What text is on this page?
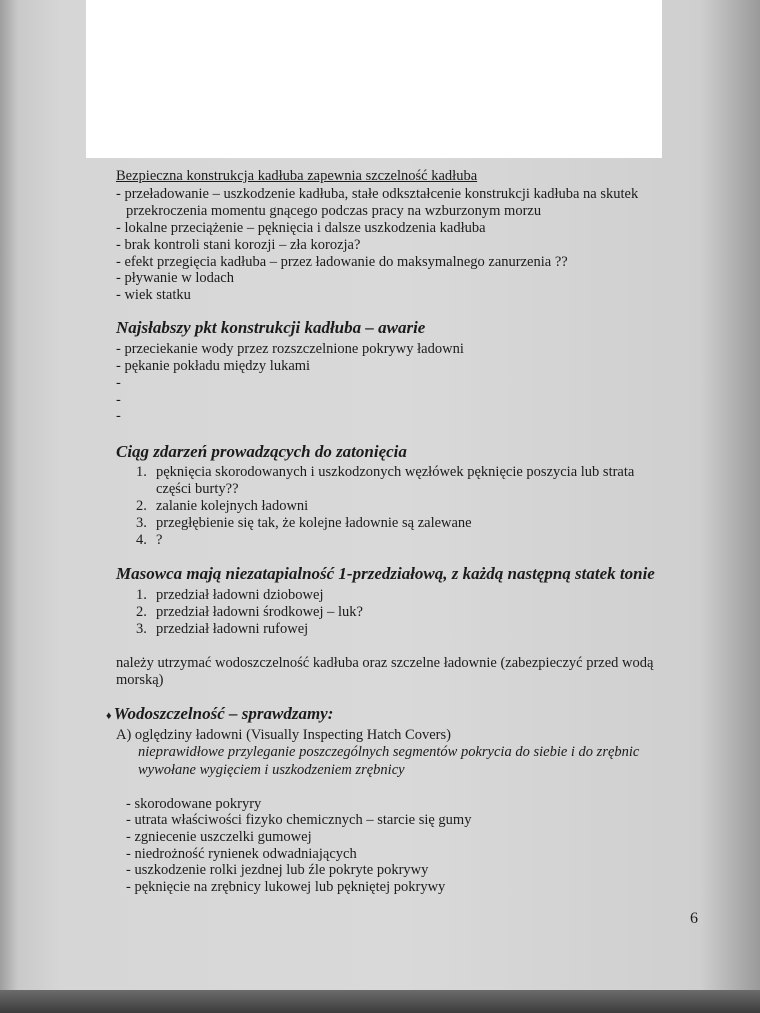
Bezpieczna konstrukcja kadłuba zapewnia szczelność kadłuba
- przeładowanie – uszkodzenie kadłuba, stałe odkształcenie konstrukcji kadłuba na skutek
przekroczenia momentu gnącego podczas pracy na wzburzonym morzu
- lokalne przeciążenie – pęknięcia i dalsze uszkodzenia kadłuba
- brak kontroli stani korozji – zła korozja?
- efekt przegięcia kadłuba – przez ładowanie do maksymalnego zanurzenia ??
- pływanie w lodach
- wiek statku
Najsłabszy pkt konstrukcji kadłuba – awarie
- przeciekanie wody przez rozszczelnione pokrywy ładowni
- pękanie pokładu między lukami
-
-
-
Ciąg zdarzeń prowadzących do zatonięcia
1. pęknięcia skorodowanych i uszkodzonych węzłówek pęknięcie poszycia lub strata
części burty??
2. zalanie kolejnych ładowni
3. przegłębienie się tak, że kolejne ładownie są zalewane
4. ?
Masowca mają niezatapialność 1-przedziałową, z każdą następną statek tonie
1. przedział ładowni dziobowej
2. przedział ładowni środkowej – luk?
3. przedział ładowni rufowej
należy utrzymać wodoszczelność kadłuba oraz szczelne ładownie (zabezpieczyć przed wodą
morską)
♦ Wodoszczelność – sprawdzamy:
A) oględziny ładowni (Visually Inspecting Hatch Covers)
nieprawidłowe przyleganie poszczególnych segmentów pokrycia do siebie i do zrębnic
wywołane wygięciem i uszkodzeniem zrębnicy
- skorodowane pokryry
- utrata właściwości fizyko chemicznych – starcie się gumy
- zgniecenie uszczelki gumowej
- niedrożność rynienek odwadniających
- uszkodzenie rolki jezdnej lub źle pokryte pokrywy
- pęknięcie na zrębnicy lukowej lub pękniętej pokrywy
6
